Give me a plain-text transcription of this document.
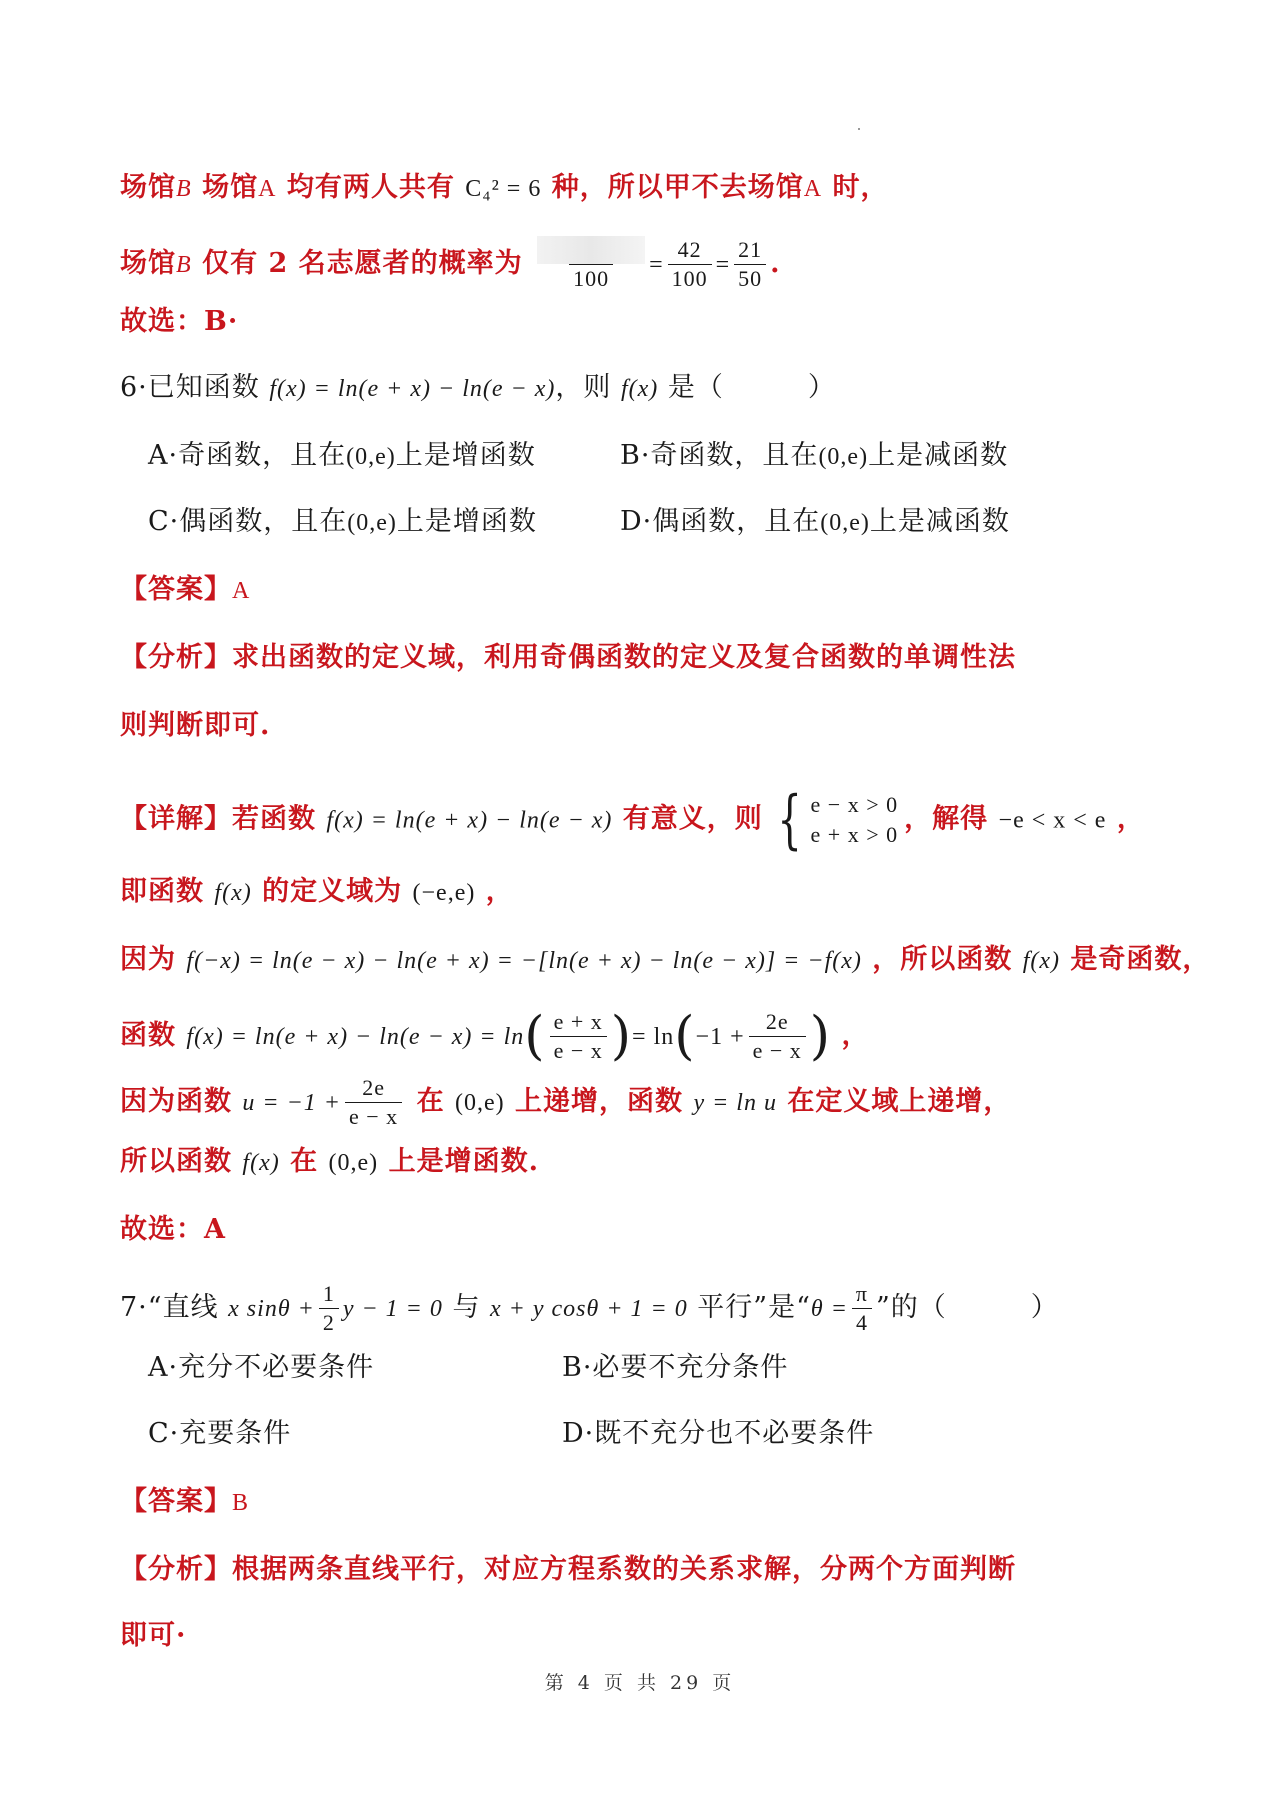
场馆B 场馆A 均有两人共有 C₄² = 6 种，所以甲不去场馆A 时，
场馆B 仅有 2 名志愿者的概率为
100
= $\frac{42}{100} = \frac{21}{50}$ .
故选：B·
6·已知函数 f(x) = ln(e + x) − ln(e − x)，则 f(x) 是（　　　）
A·奇函数，且在(0,e)上是增函数	B·奇函数，且在(0,e)上是减函数
C·偶函数，且在(0,e)上是增函数	D·偶函数，且在(0,e)上是减函数
【答案】A
【分析】求出函数的定义域，利用奇偶函数的定义及复合函数的单调性法
则判断即可.
【详解】若函数 f(x) = ln(e + x) − ln(e − x) 有意义，则 { e − x > 0
e + x > 0 ，解得 −e < x < e ，
即函数 f(x) 的定义域为 (−e,e) ，
因为 f(−x) = ln(e − x) − ln(e + x) = −[ln(e + x) − ln(e − x)] = −f(x) ，所以函数 f(x) 是奇函数，
函数 $f(x) = \ln(e + x) - \ln(e - x) = \ln( \frac{e + x}{e - x}$ )= $\ln(-1 + \frac{2e}{e - x}$ ) ，
因为函数 $u = -1 + \frac{2e}{e - x}$ 在 (0,e) 上递增，函数 y = ln u 在定义域上递增，
所以函数 f(x) 在 (0,e) 上是增函数.
故选：A
7·“直线 x $\sin\theta + \frac{1}{2}$ y − 1 = 0 与 x + y cosθ + 1 = 0 平行”是“$\theta = \frac{\pi}{4}$ ”的（　　　）
A·充分不必要条件	B·必要不充分条件
C·充要条件	D·既不充分也不必要条件
【答案】B
【分析】根据两条直线平行，对应方程系数的关系求解，分两个方面判断
即可·
第 4 页 共 29 页
